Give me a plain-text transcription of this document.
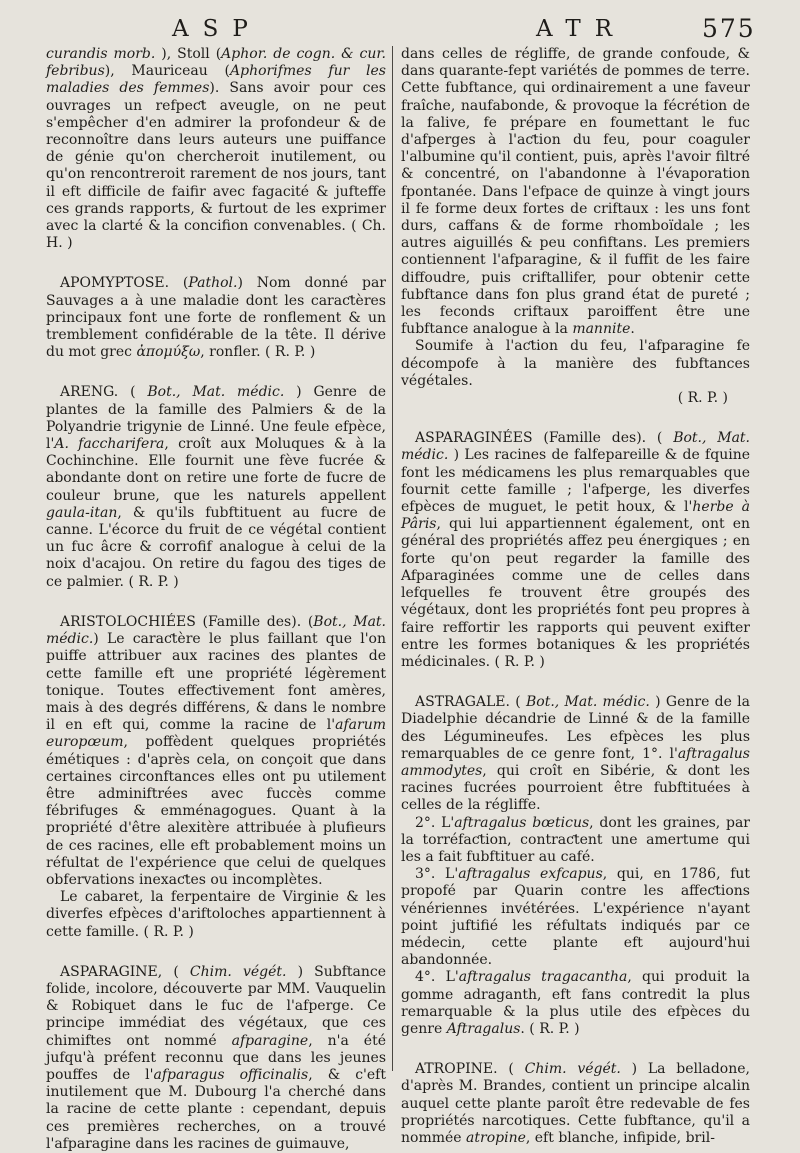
ASP	ATR	575

curandis morb. ), Stoll (Aphor. de cogn. & cur. febribus), Mauriceau (Aphorifmes fur les maladies des femmes). Sans avoir pour ces ouvrages un refpeƈt aveugle, on ne peut s'empêcher d'en admirer la profondeur & de reconnoître dans leurs auteurs une puiffance de génie qu'on chercheroit inutilement, ou qu'on rencontreroit rarement de nos jours, tant il eft difficile de faifir avec fagacité & jufteffe ces grands rapports, & furtout de les exprimer avec la clarté & la concifion convenables. ( Ch. H. )

APOMYPTOSE. (Pathol.) Nom donné par Sauvages a à une maladie dont les caraƈtères principaux font une forte de ronflement & un tremblement confidérable de la tête. Il dérive du mot grec ἀπομύξω, ronfler. ( R. P. )

ARENG. ( Bot., Mat. médic. ) Genre de plantes de la famille des Palmiers & de la Polyandrie trigynie de Linné. Une feule efpèce, l'A. faccharifera, croît aux Moluques & à la Cochinchine. Elle fournit une fève fucrée & abondante dont on retire une forte de fucre de couleur brune, que les naturels appellent gaula-itan, & qu'ils fubftituent au fucre de canne. L'écorce du fruit de ce végétal contient un fuc âcre & corrofif analogue à celui de la noix d'acajou. On retire du fagou des tiges de ce palmier. ( R. P. )

ARISTOLOCHIÉES (Famille des). (Bot., Mat. médic.) Le caraƈtère le plus faillant que l'on puiffe attribuer aux racines des plantes de cette famille eft une propriété légèrement tonique. Toutes effeƈtivement font amères, mais à des degrés différens, & dans le nombre il en eft qui, comme la racine de l'afarum europœum, poffèdent quelques propriétés émétiques : d'après cela, on conçoit que dans certaines circonftances elles ont pu utilement être adminiftrées avec fuccès comme fébrifuges & emménagogues. Quant à la propriété d'être alexitère attribuée à plufieurs de ces racines, elle eft probablement moins un réfultat de l'expérience que celui de quelques obfervations inexaƈtes ou incomplètes.

Le cabaret, la ferpentaire de Virginie & les diverfes efpèces d'ariftoloches appartiennent à cette famille. ( R. P. )

ASPARAGINE, ( Chim. végét. ) Subftance folide, incolore, découverte par MM. Vauquelin & Robiquet dans le fuc de l'afperge. Ce principe immédiat des végétaux, que ces chimiftes ont nommé afparagine, n'a été jufqu'à préfent reconnu que dans les jeunes pouffes de l'afparagus officinalis, & c'eft inutilement que M. Dubourg l'a cherché dans la racine de cette plante : cependant, depuis ces premières recherches, on a trouvé l'afparagine dans les racines de guimauve,

dans celles de régliffe, de grande confoude, & dans quarante-fept variétés de pommes de terre. Cette fubftance, qui ordinairement a une faveur fraîche, naufabonde, & provoque la fécrétion de la falive, fe prépare en foumettant le fuc d'afperges à l'aƈtion du feu, pour coaguler l'albumine qu'il contient, puis, après l'avoir filtré & concentré, on l'abandonne à l'évaporation fpontanée. Dans l'efpace de quinze à vingt jours il fe forme deux fortes de criftaux : les uns font durs, caffans & de forme rhomboïdale ; les autres aiguillés & peu confiftans. Les premiers contiennent l'afparagine, & il fuffit de les faire diffoudre, puis criftallifer, pour obtenir cette fubftance dans fon plus grand état de pureté ; les feconds criftaux paroiffent être une fubftance analogue à la mannite.

Soumife à l'aƈtion du feu, l'afparagine fe décompofe à la manière des fubftances végétales.

( R. P. )

ASPARAGINÉES (Famille des). ( Bot., Mat. médic. ) Les racines de falfepareille & de fquine font les médicamens les plus remarquables que fournit cette famille ; l'afperge, les diverfes efpèces de muguet, le petit houx, & l'herbe à Pâris, qui lui appartiennent également, ont en général des propriétés affez peu énergiques ; en forte qu'on peut regarder la famille des Afparaginées comme une de celles dans lefquelles fe trouvent être groupés des végétaux, dont les propriétés font peu propres à faire reffortir les rapports qui peuvent exifter entre les formes botaniques & les propriétés médicinales. ( R. P. )

ASTRAGALE. ( Bot., Mat. médic. ) Genre de la Diadelphie décandrie de Linné & de la famille des Légumineufes. Les efpèces les plus remarquables de ce genre font, 1°. l'aftragalus ammodytes, qui croît en Sibérie, & dont les racines fucrées pourroient être fubftituées à celles de la régliffe.

2°. L'aftragalus bœticus, dont les graines, par la torréfaƈtion, contraƈtent une amertume qui les a fait fubftituer au café.

3°. L'aftragalus exfcapus, qui, en 1786, fut propofé par Quarin contre les affeƈtions vénériennes invétérées. L'expérience n'ayant point juftifié les réfultats indiqués par ce médecin, cette plante eft aujourd'hui abandonnée.

4°. L'aftragalus tragacantha, qui produit la gomme adraganth, eft fans contredit la plus remarquable & la plus utile des efpèces du genre Aftragalus. ( R. P. )

ATROPINE. ( Chim. végét. ) La belladone, d'après M. Brandes, contient un principe alcalin auquel cette plante paroît être redevable de fes propriétés narcotiques. Cette fubftance, qu'il a nommée atropine, eft blanche, infipide, bril-
